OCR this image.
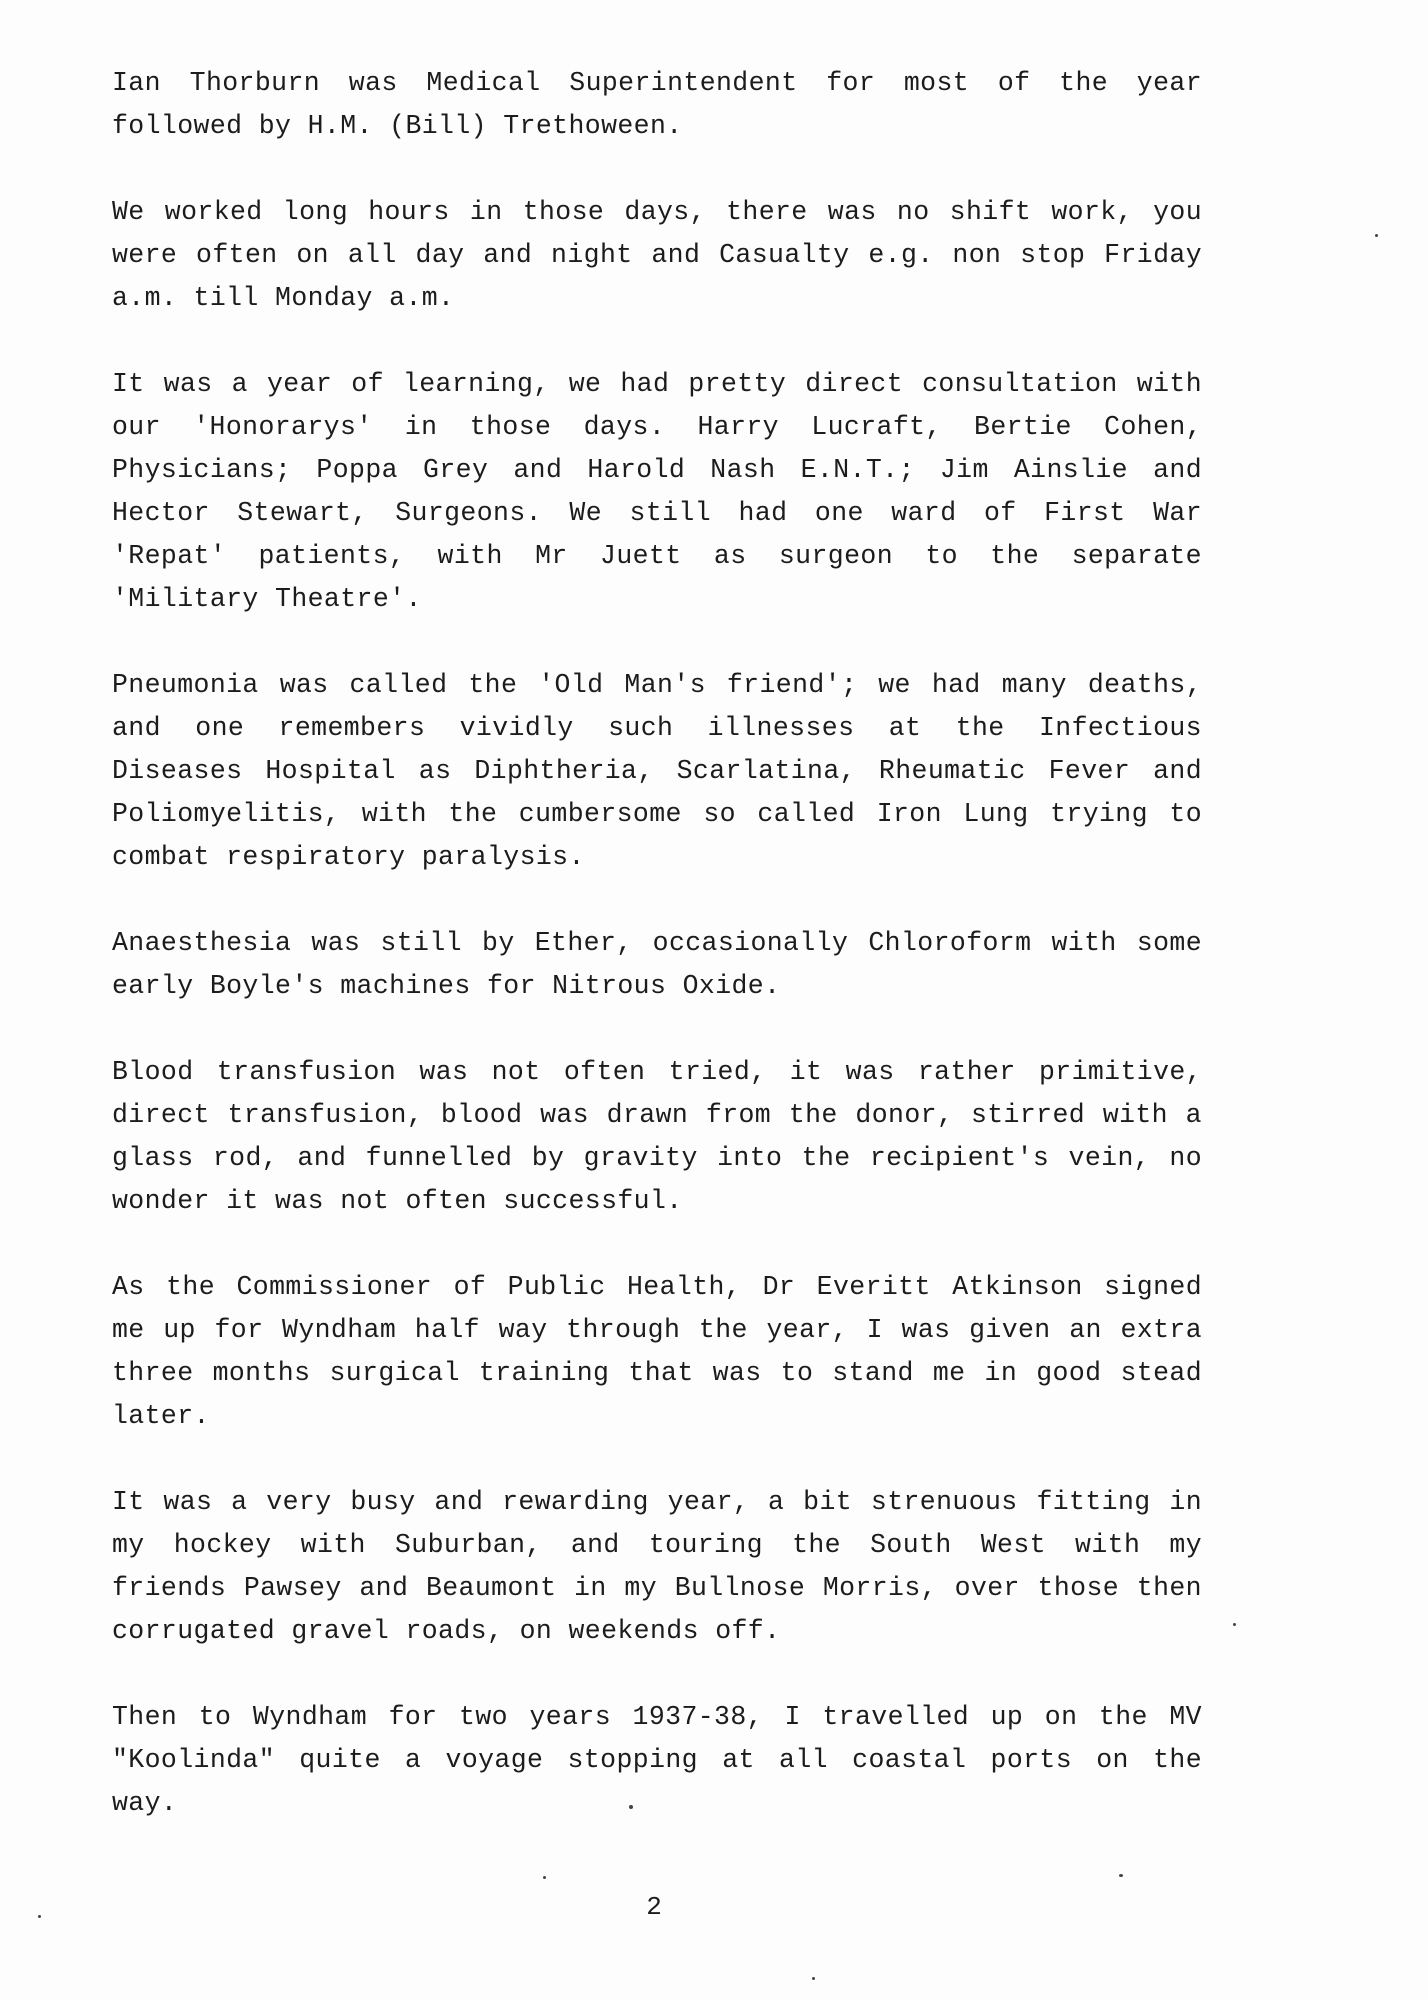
Ian Thorburn was Medical Superintendent for most of the year followed by H.M. (Bill) Trethoween.

We worked long hours in those days, there was no shift work, you were often on all day and night and Casualty e.g. non stop Friday a.m. till Monday a.m.

It was a year of learning, we had pretty direct consultation with our 'Honorarys' in those days. Harry Lucraft, Bertie Cohen, Physicians; Poppa Grey and Harold Nash E.N.T.; Jim Ainslie and Hector Stewart, Surgeons. We still had one ward of First War 'Repat' patients, with Mr Juett as surgeon to the separate 'Military Theatre'.

Pneumonia was called the 'Old Man's friend'; we had many deaths, and one remembers vividly such illnesses at the Infectious Diseases Hospital as Diphtheria, Scarlatina, Rheumatic Fever and Poliomyelitis, with the cumbersome so called Iron Lung trying to combat respiratory paralysis.

Anaesthesia was still by Ether, occasionally Chloroform with some early Boyle's machines for Nitrous Oxide.

Blood transfusion was not often tried, it was rather primitive, direct transfusion, blood was drawn from the donor, stirred with a glass rod, and funnelled by gravity into the recipient's vein, no wonder it was not often successful.

As the Commissioner of Public Health, Dr Everitt Atkinson signed me up for Wyndham half way through the year, I was given an extra three months surgical training that was to stand me in good stead later.

It was a very busy and rewarding year, a bit strenuous fitting in my hockey with Suburban, and touring the South West with my friends Pawsey and Beaumont in my Bullnose Morris, over those then corrugated gravel roads, on weekends off.

Then to Wyndham for two years 1937-38, I travelled up on the MV "Koolinda" quite a voyage stopping at all coastal ports on the way.

2
